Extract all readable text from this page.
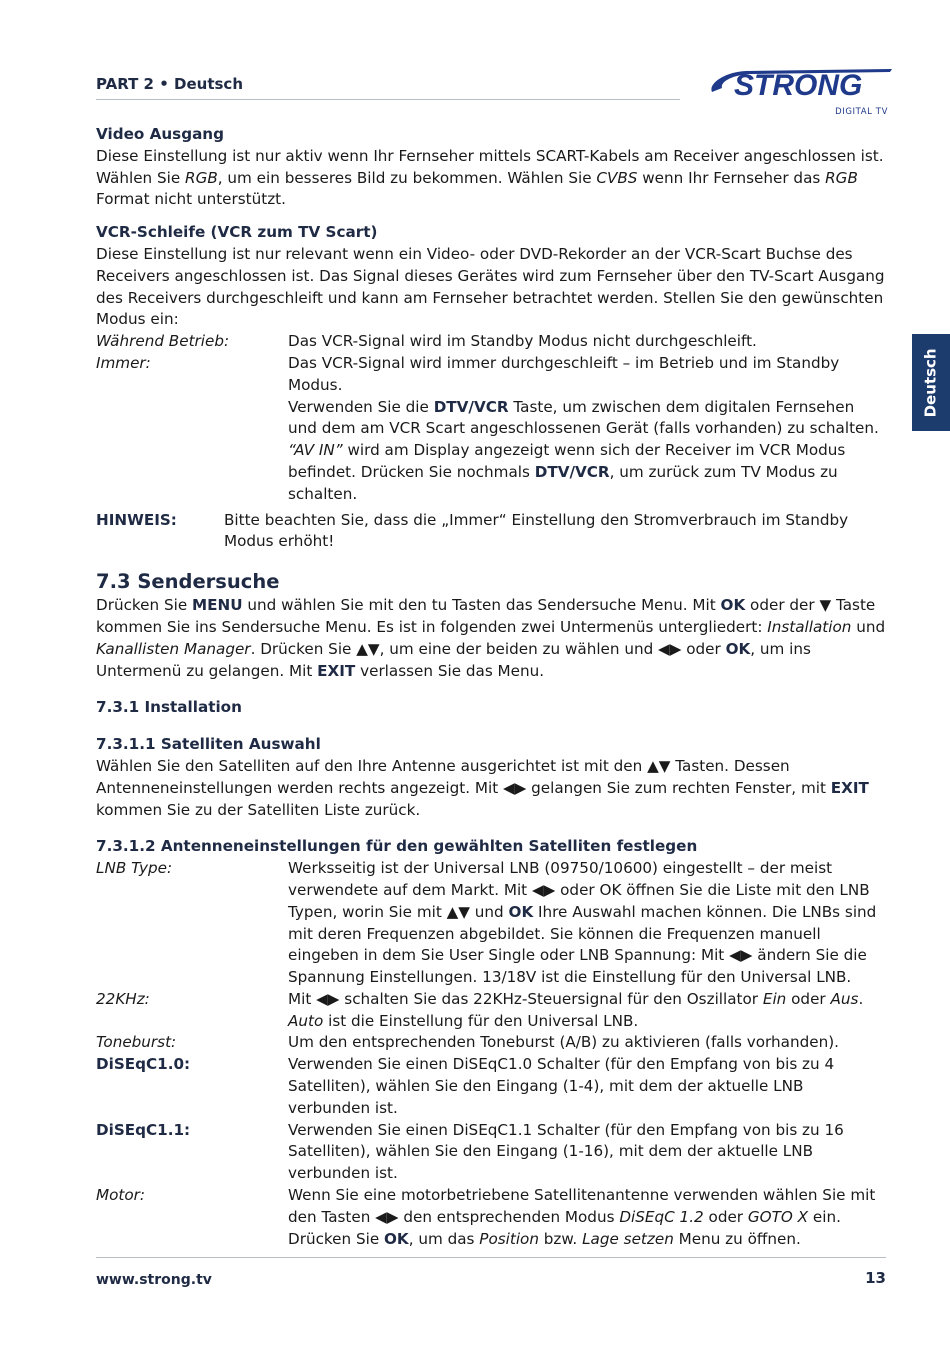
PART 2 • Deutsch	STRONG
DIGITAL TV
Deutsch
Video Ausgang

Diese Einstellung ist nur aktiv wenn Ihr Fernseher mittels SCART-Kabels am Receiver angeschlossen ist. Wählen Sie RGB, um ein besseres Bild zu bekommen. Wählen Sie CVBS wenn Ihr Fernseher das RGB Format nicht unterstützt.

VCR-Schleife (VCR zum TV Scart)

Diese Einstellung ist nur relevant wenn ein Video- oder DVD-Rekorder an der VCR-Scart Buchse des Receivers angeschlossen ist. Das Signal dieses Gerätes wird zum Fernseher über den TV-Scart Ausgang des Receivers durchgeschleift und kann am Fernseher betrachtet werden. Stellen Sie den gewünschten Modus ein:

Während Betrieb:	Das VCR-Signal wird im Standby Modus nicht durchgeschleift.
Immer:	Das VCR-Signal wird immer durchgeschleift – im Betrieb und im Standby Modus.
Verwenden Sie die DTV/VCR Taste, um zwischen dem digitalen Fernsehen und dem am VCR Scart angeschlossenen Gerät (falls vorhanden) zu schalten. “AV IN” wird am Display angezeigt wenn sich der Receiver im VCR Modus befindet. Drücken Sie nochmals DTV/VCR, um zurück zum TV Modus zu schalten.
HINWEIS:	Bitte beachten Sie, dass die „Immer“ Einstellung den Stromverbrauch im Standby Modus erhöht!
7.3 Sendersuche

Drücken Sie MENU und wählen Sie mit den tu Tasten das Sendersuche Menu. Mit OK oder der ▼ Taste kommen Sie ins Sendersuche Menu. Es ist in folgenden zwei Untermenüs untergliedert: Installation und Kanallisten Manager. Drücken Sie ▲▼, um eine der beiden zu wählen und ◀▶ oder OK, um ins Untermenü zu gelangen. Mit EXIT verlassen Sie das Menu.

7.3.1 Installation
7.3.1.1 Satelliten Auswahl

Wählen Sie den Satelliten auf den Ihre Antenne ausgerichtet ist mit den ▲▼ Tasten. Dessen Antenneneinstellungen werden rechts angezeigt. Mit ◀▶ gelangen Sie zum rechten Fenster, mit EXIT kommen Sie zu der Satelliten Liste zurück.

7.3.1.2 Antenneneinstellungen für den gewählten Satelliten festlegen
LNB Type:	Werksseitig ist der Universal LNB (09750/10600) eingestellt – der meist verwendete auf dem Markt. Mit ◀▶ oder OK öffnen Sie die Liste mit den LNB Typen, worin Sie mit ▲▼ und OK Ihre Auswahl machen können. Die LNBs sind mit deren Frequenzen abgebildet. Sie können die Frequenzen manuell eingeben in dem Sie User Single oder LNB Spannung: Mit ◀▶ ändern Sie die Spannung Einstellungen. 13/18V ist die Einstellung für den Universal LNB.
22KHz:	Mit ◀▶ schalten Sie das 22KHz-Steuersignal für den Oszillator Ein oder Aus. Auto ist die Einstellung für den Universal LNB.
Toneburst:	Um den entsprechenden Toneburst (A/B) zu aktivieren (falls vorhanden).
DiSEqC1.0:	Verwenden Sie einen DiSEqC1.0 Schalter (für den Empfang von bis zu 4 Satelliten), wählen Sie den Eingang (1-4), mit dem der aktuelle LNB verbunden ist.
DiSEqC1.1:	Verwenden Sie einen DiSEqC1.1 Schalter (für den Empfang von bis zu 16 Satelliten), wählen Sie den Eingang (1-16), mit dem der aktuelle LNB verbunden ist.
Motor:	Wenn Sie eine motorbetriebene Satellitenantenne verwenden wählen Sie mit den Tasten ◀▶ den entsprechenden Modus DiSEqC 1.2 oder GOTO X ein. Drücken Sie OK, um das Position bzw. Lage setzen Menu zu öffnen.
www.strong.tv	13
